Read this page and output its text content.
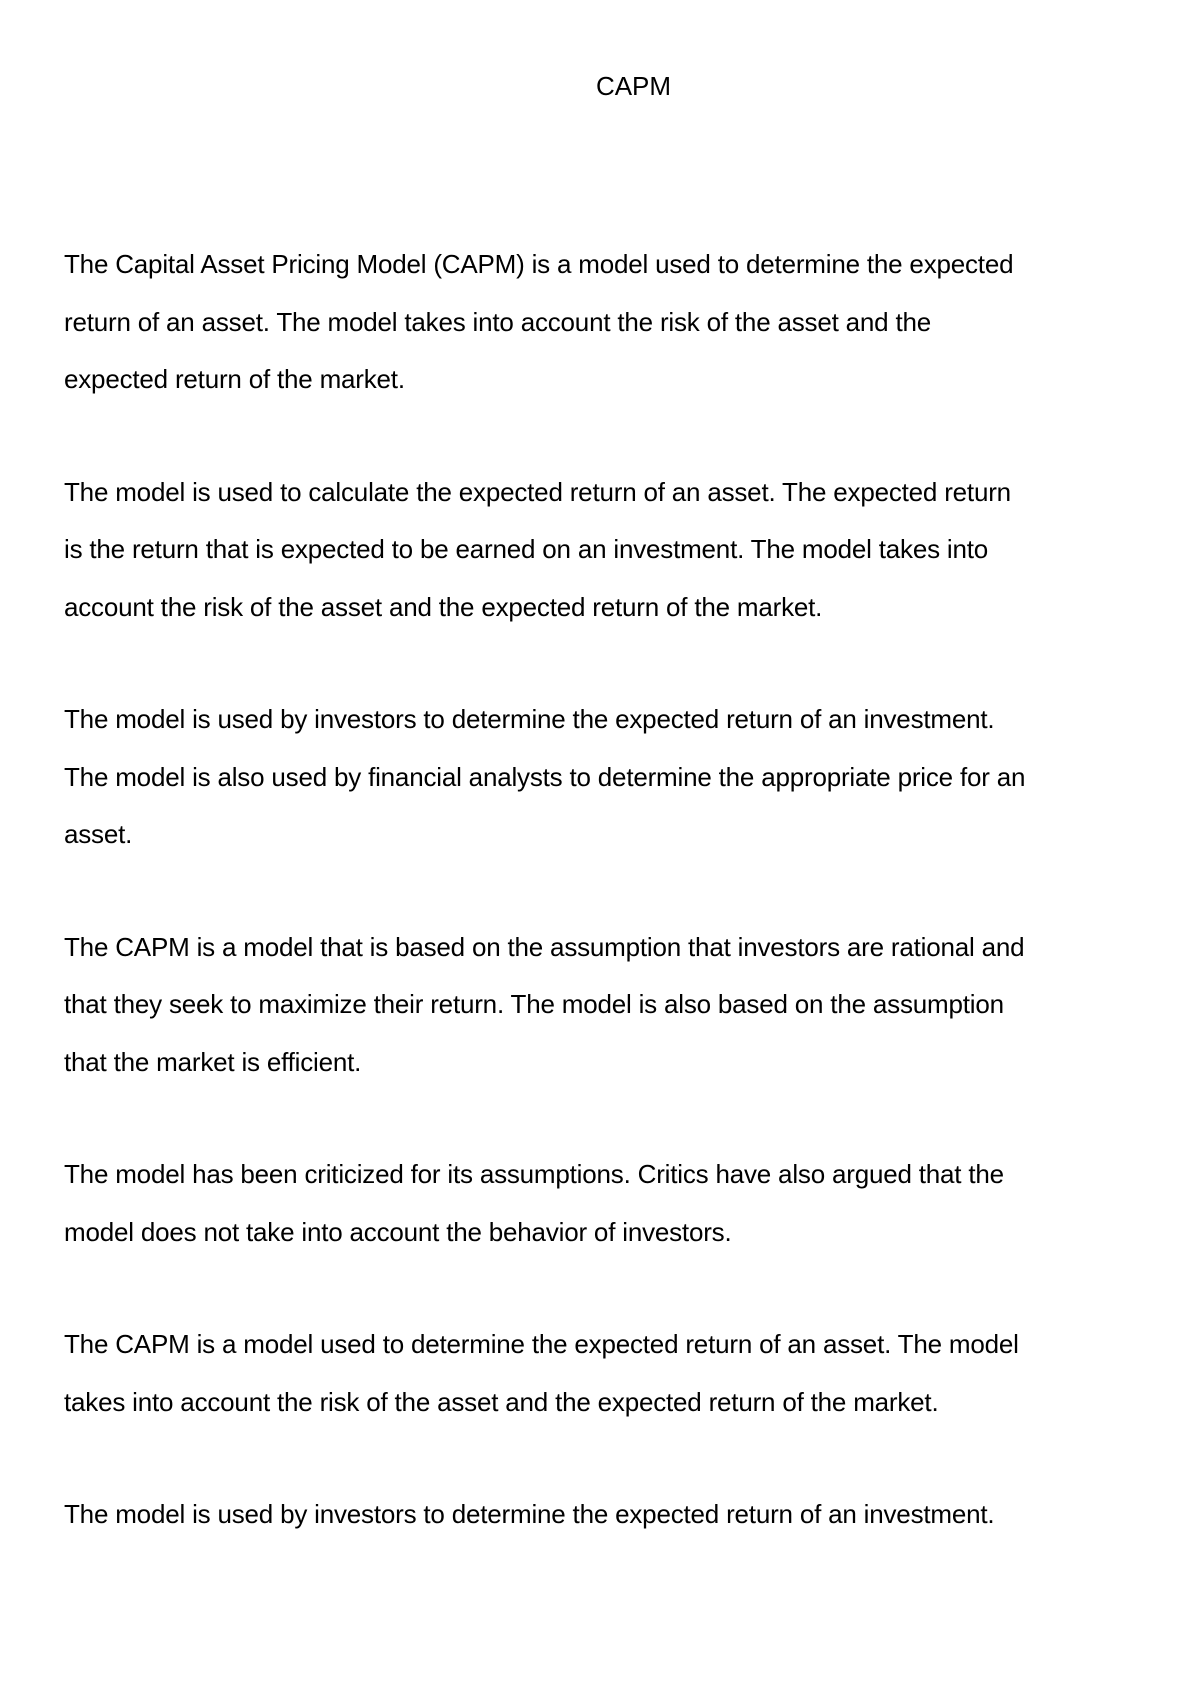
CAPM

The Capital Asset Pricing Model (CAPM) is a model used to determine the expected
return of an asset. The model takes into account the risk of the asset and the
expected return of the market.

The model is used to calculate the expected return of an asset. The expected return
is the return that is expected to be earned on an investment. The model takes into
account the risk of the asset and the expected return of the market.

The model is used by investors to determine the expected return of an investment.
The model is also used by financial analysts to determine the appropriate price for an
asset.

The CAPM is a model that is based on the assumption that investors are rational and
that they seek to maximize their return. The model is also based on the assumption
that the market is efficient.

The model has been criticized for its assumptions. Critics have also argued that the
model does not take into account the behavior of investors.

The CAPM is a model used to determine the expected return of an asset. The model
takes into account the risk of the asset and the expected return of the market.

The model is used by investors to determine the expected return of an investment.
